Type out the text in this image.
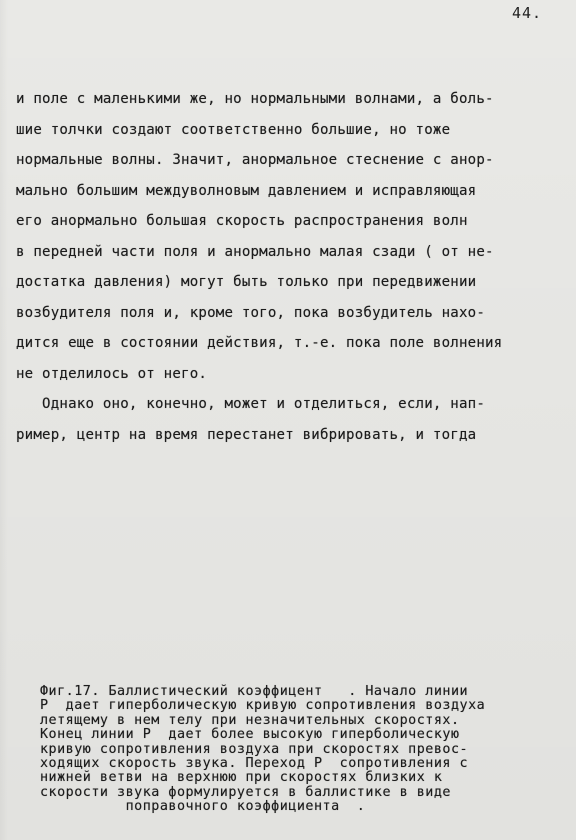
44.
и поле с маленькими же, но нормальными волнами, а боль-
шие толчки создают соответственно большие, но тоже
нормальные волны. Значит, анормальное стеснение с анор-
мально большим междуволновым давлением и исправляющая
его анормально большая скорость распространения волн
в передней части поля и анормально малая сзади ( от не-
достатка давления) могут быть только при передвижении
возбудителя поля и, кроме того, пока возбудитель нахо-
дится еще в состоянии действия, т.-е. пока поле волнения
не отделилось от него.
Однако оно, конечно, может и отделиться, если, нап-
ример, центр на время перестанет вибрировать, и тогда
Фиг.17. Баллистический коэффицент   . Начало линии
P  дает гиперболическую кривую сопротивления воздуха
летящему в нем телу при незначительных скоростях.
Конец линии P  дает более высокую гиперболическую
кривую сопротивления воздуха при скоростях превос-
ходящих скорость звука. Переход P  сопротивления с
нижней ветви на верхнюю при скоростях близких к
скорости звука формулируется в баллистике в виде
поправочного коэффициента  .
